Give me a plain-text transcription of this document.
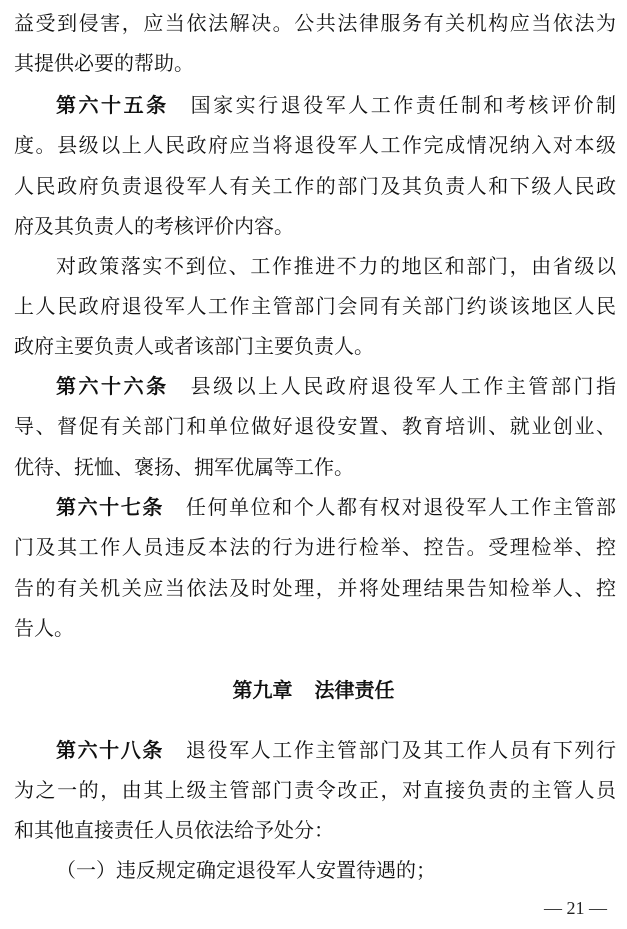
益受到侵害，应当依法解决。公共法律服务有关机构应当依法为
其提供必要的帮助。
第六十五条 国家实行退役军人工作责任制和考核评价制
度。县级以上人民政府应当将退役军人工作完成情况纳入对本级
人民政府负责退役军人有关工作的部门及其负责人和下级人民政
府及其负责人的考核评价内容。
对政策落实不到位、工作推进不力的地区和部门，由省级以
上人民政府退役军人工作主管部门会同有关部门约谈该地区人民
政府主要负责人或者该部门主要负责人。
第六十六条 县级以上人民政府退役军人工作主管部门指
导、督促有关部门和单位做好退役安置、教育培训、就业创业、
优待、抚恤、褒扬、拥军优属等工作。
第六十七条 任何单位和个人都有权对退役军人工作主管部
门及其工作人员违反本法的行为进行检举、控告。受理检举、控
告的有关机关应当依法及时处理，并将处理结果告知检举人、控
告人。
第九章 法律责任
第六十八条 退役军人工作主管部门及其工作人员有下列行
为之一的，由其上级主管部门责令改正，对直接负责的主管人员
和其他直接责任人员依法给予处分：
（一）违反规定确定退役军人安置待遇的；
— 21 —
